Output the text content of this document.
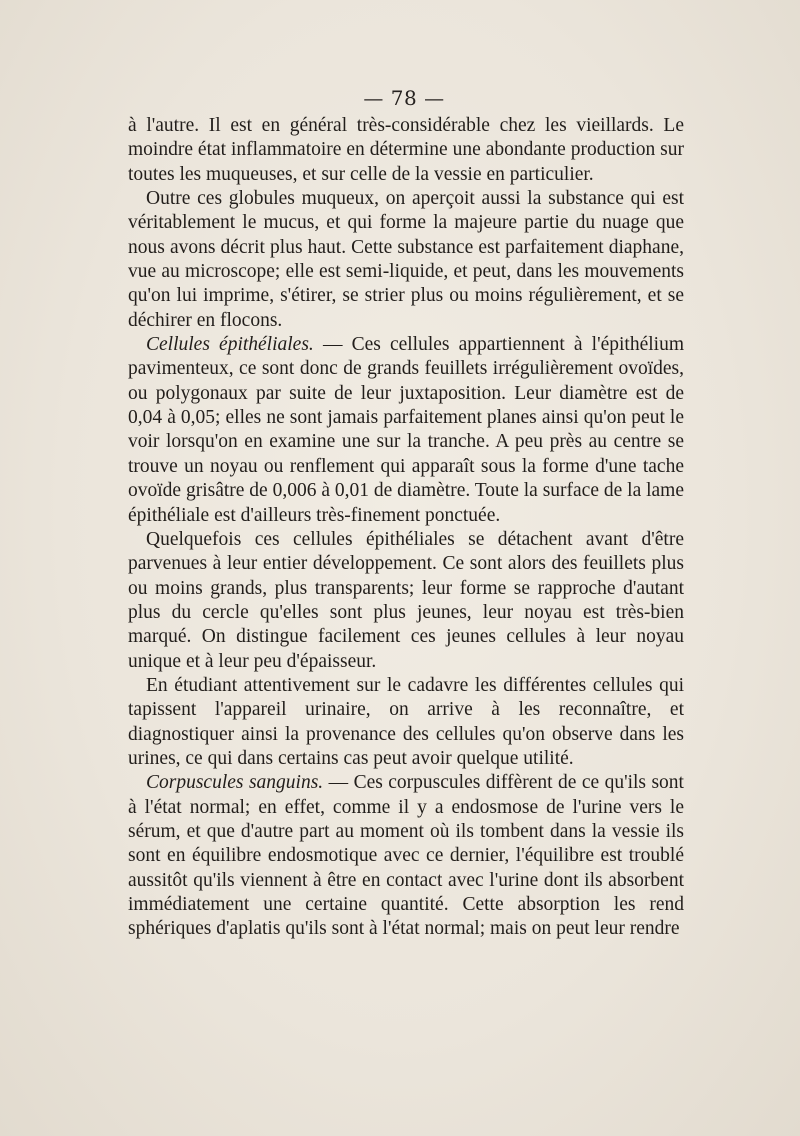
— 78 —

à l'autre. Il est en général très-considérable chez les vieillards. Le moindre état inflammatoire en détermine une abondante production sur toutes les muqueuses, et sur celle de la vessie en particulier.

Outre ces globules muqueux, on aperçoit aussi la substance qui est véritablement le mucus, et qui forme la majeure partie du nuage que nous avons décrit plus haut. Cette substance est parfaitement diaphane, vue au microscope; elle est semi-liquide, et peut, dans les mouvements qu'on lui imprime, s'étirer, se strier plus ou moins régulièrement, et se déchirer en flocons.

Cellules épithéliales. — Ces cellules appartiennent à l'épithélium pavimenteux, ce sont donc de grands feuillets irrégulièrement ovoïdes, ou polygonaux par suite de leur juxtaposition. Leur diamètre est de 0,04 à 0,05; elles ne sont jamais parfaitement planes ainsi qu'on peut le voir lorsqu'on en examine une sur la tranche. A peu près au centre se trouve un noyau ou renflement qui apparaît sous la forme d'une tache ovoïde grisâtre de 0,006 à 0,01 de diamètre. Toute la surface de la lame épithéliale est d'ailleurs très-finement ponctuée.

Quelquefois ces cellules épithéliales se détachent avant d'être parvenues à leur entier développement. Ce sont alors des feuillets plus ou moins grands, plus transparents; leur forme se rapproche d'autant plus du cercle qu'elles sont plus jeunes, leur noyau est très-bien marqué. On distingue facilement ces jeunes cellules à leur noyau unique et à leur peu d'épaisseur.

En étudiant attentivement sur le cadavre les différentes cellules qui tapissent l'appareil urinaire, on arrive à les reconnaître, et diagnostiquer ainsi la provenance des cellules qu'on observe dans les urines, ce qui dans certains cas peut avoir quelque utilité.

Corpuscules sanguins. — Ces corpuscules diffèrent de ce qu'ils sont à l'état normal; en effet, comme il y a endosmose de l'urine vers le sérum, et que d'autre part au moment où ils tombent dans la vessie ils sont en équilibre endosmotique avec ce dernier, l'équilibre est troublé aussitôt qu'ils viennent à être en contact avec l'urine dont ils absorbent immédiatement une certaine quantité. Cette absorption les rend sphériques d'aplatis qu'ils sont à l'état normal; mais on peut leur rendre
